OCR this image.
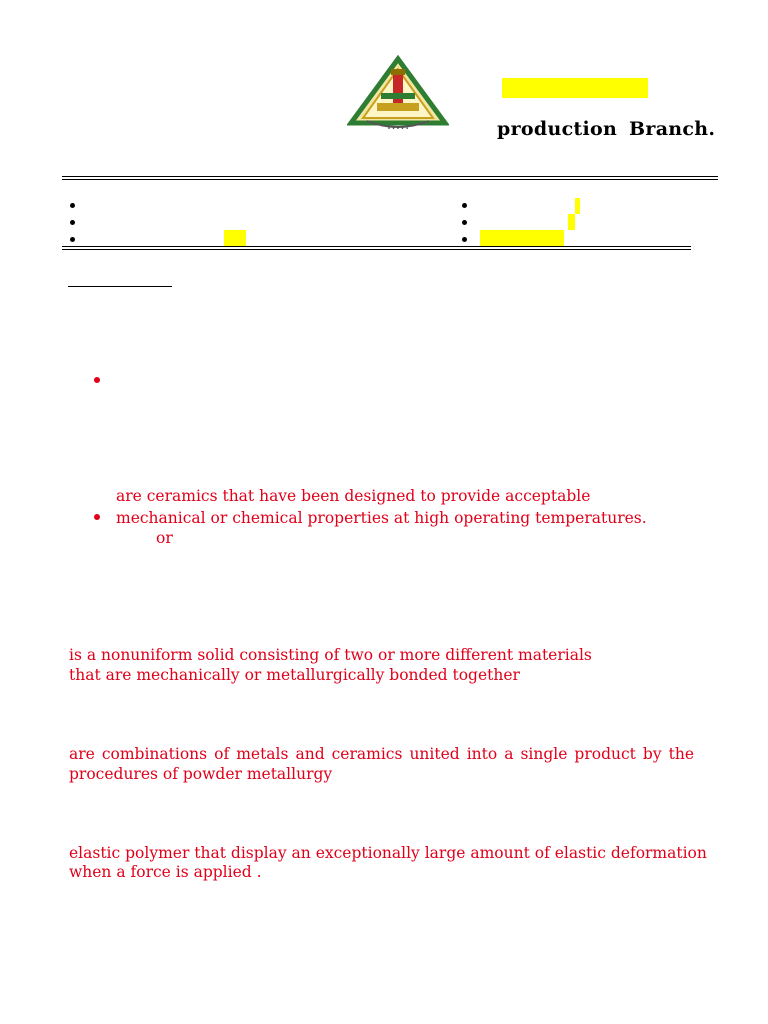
• • • • •	production Branch.
are ceramics that have been designed to provide acceptable
mechanical or chemical properties at high operating temperatures.
or
is a nonuniform solid consisting of two or more different materials
that are mechanically or metallurgically bonded together
are combinations of metals and ceramics united into a single product by the procedures of powder metallurgy
elastic polymer that display an exceptionally large amount of elastic deformation
when a force is applied .
